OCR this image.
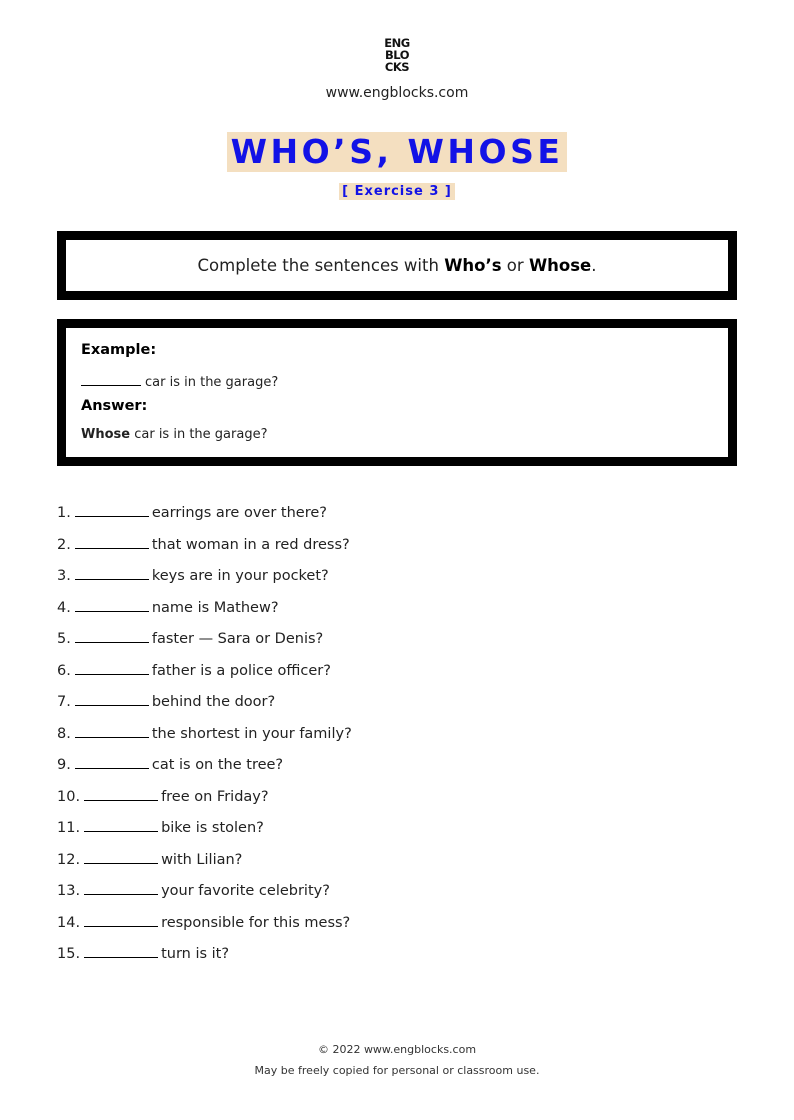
ENG
BLO
CKS
www.engblocks.com
WHO’S, WHOSE
[ Exercise 3 ]
Complete the sentences with Who’s or Whose.
Example:
car is in the garage?
Answer:
Whose car is in the garage?
1.	earrings are over there?
2.	that woman in a red dress?
3.	keys are in your pocket?
4.	name is Mathew?
5.	faster — Sara or Denis?
6.	father is a police officer?
7.	behind the door?
8.	the shortest in your family?
9.	cat is on the tree?
10.	free on Friday?
11.	bike is stolen?
12.	with Lilian?
13.	your favorite celebrity?
14.	responsible for this mess?
15.	turn is it?
© 2022 www.engblocks.com
May be freely copied for personal or classroom use.
